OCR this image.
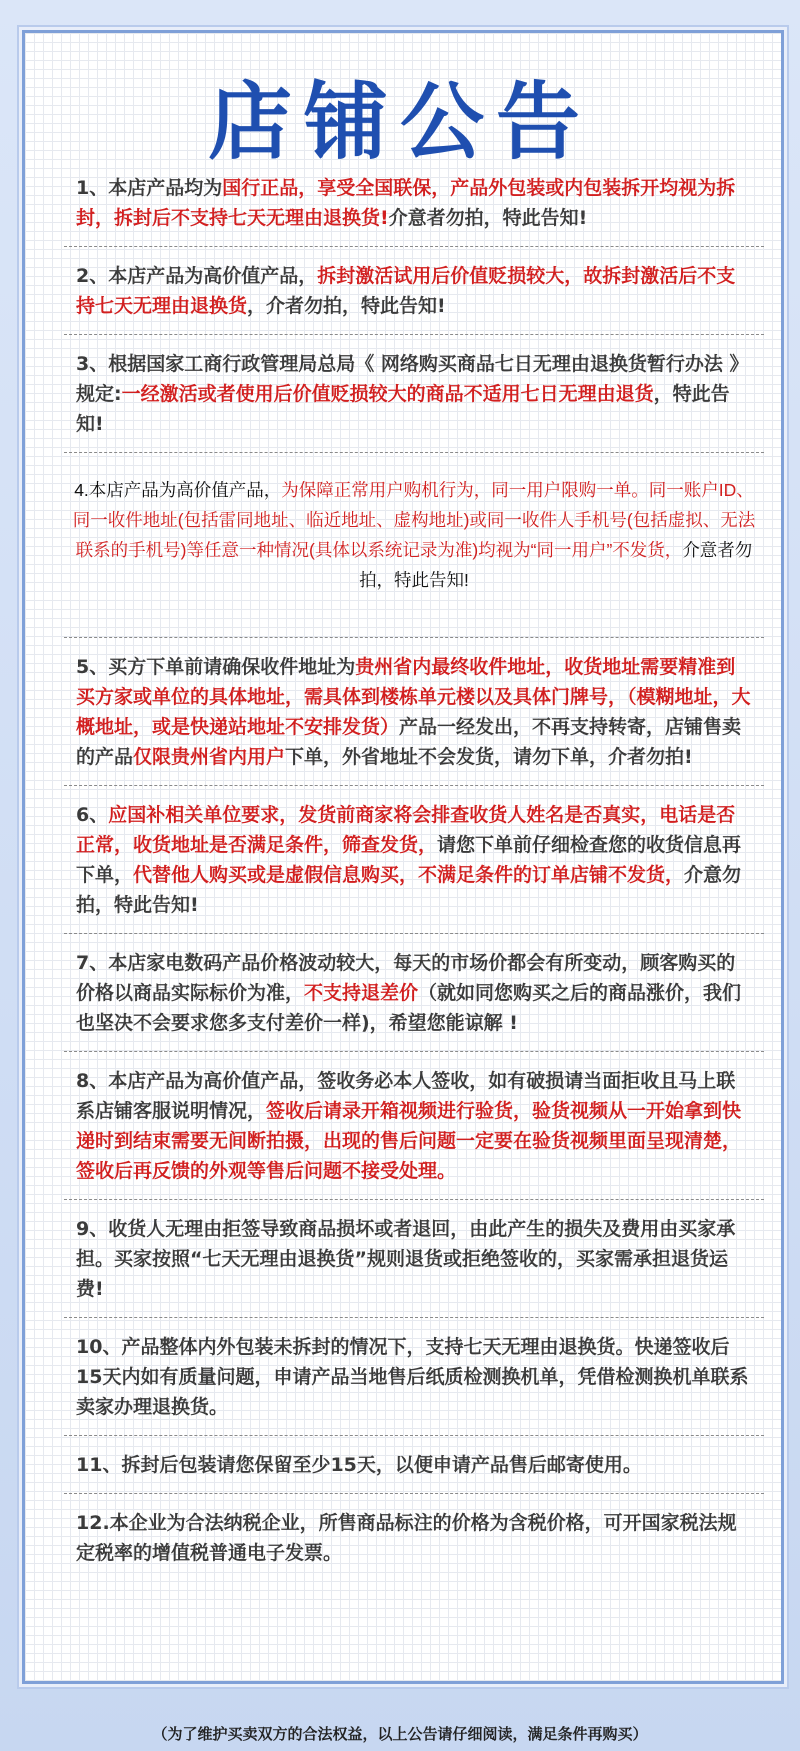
店铺公告

1、本店产品均为国行正品，享受全国联保，产品外包装或内包装拆开均视为拆封，拆封后不支持七天无理由退换货!介意者勿拍，特此告知!

2、本店产品为高价值产品，拆封激活试用后价值贬损较大，故拆封激活后不支持七天无理由退换货，介者勿拍，特此告知!

3、根据国家工商行政管理局总局《 网络购买商品七日无理由退换货暂行办法 》规定:一经激活或者使用后价值贬损较大的商品不适用七日无理由退货，特此告知!

4.本店产品为高价值产品，为保障正常用户购机行为，同一用户限购一单。同一账户ID、同一收件地址(包括雷同地址、临近地址、虚构地址)或同一收件人手机号(包括虚拟、无法联系的手机号)等任意一种情况(具体以系统记录为准)均视为“同一用户”不发货，介意者勿拍，特此告知!

5、买方下单前请确保收件地址为贵州省内最终收件地址，收货地址需要精准到买方家或单位的具体地址，需具体到楼栋单元楼以及具体门牌号，（模糊地址，大概地址，或是快递站地址不安排发货）产品一经发出，不再支持转寄，店铺售卖的产品仅限贵州省内用户下单，外省地址不会发货，请勿下单，介者勿拍!

6、应国补相关单位要求，发货前商家将会排查收货人姓名是否真实，电话是否正常，收货地址是否满足条件，筛查发货，请您下单前仔细检查您的收货信息再下单，代替他人购买或是虚假信息购买，不满足条件的订单店铺不发货，介意勿拍，特此告知!

7、本店家电数码产品价格波动较大，每天的市场价都会有所变动，顾客购买的价格以商品实际标价为准，不支持退差价（就如同您购买之后的商品涨价，我们也坚决不会要求您多支付差价一样)，希望您能谅解 !

8、本店产品为高价值产品，签收务必本人签收，如有破损请当面拒收且马上联系店铺客服说明情况，签收后请录开箱视频进行验货，验货视频从一开始拿到快递时到结束需要无间断拍摄，出现的售后问题一定要在验货视频里面呈现清楚，签收后再反馈的外观等售后问题不接受处理。

9、收货人无理由拒签导致商品损坏或者退回，由此产生的损失及费用由买家承担。买家按照“七天无理由退换货”规则退货或拒绝签收的，买家需承担退货运费!

10、产品整体内外包装未拆封的情况下，支持七天无理由退换货。快递签收后15天内如有质量问题，申请产品当地售后纸质检测换机单，凭借检测换机单联系卖家办理退换货。

11、拆封后包装请您保留至少15天，以便申请产品售后邮寄使用。

12.本企业为合法纳税企业，所售商品标注的价格为含税价格，可开国家税法规定税率的增值税普通电子发票。

（为了维护买卖双方的合法权益，以上公告请仔细阅读，满足条件再购买）
